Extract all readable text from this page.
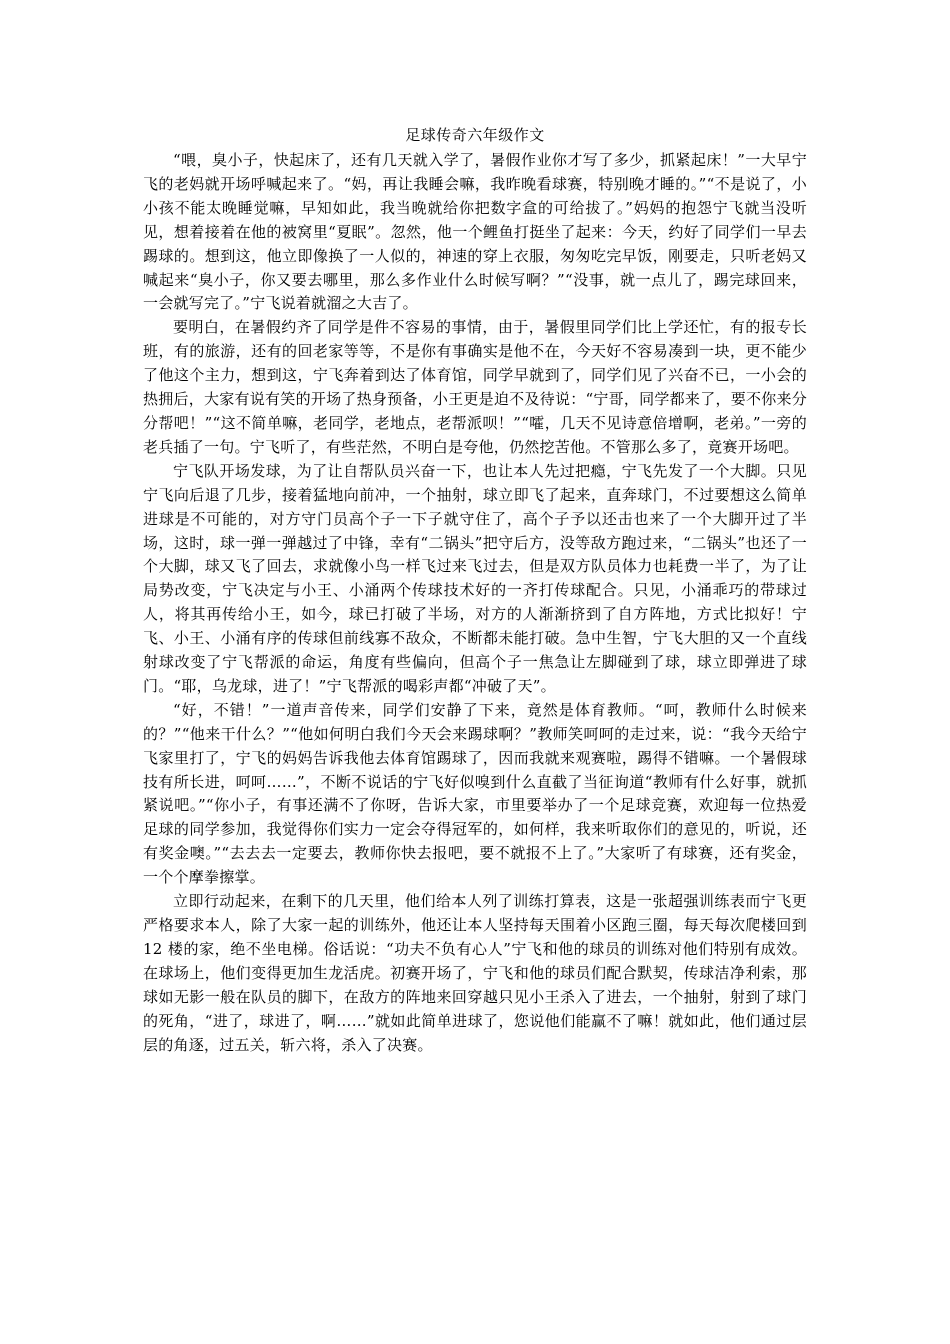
足球传奇六年级作文

“喂，臭小子，快起床了，还有几天就入学了，暑假作业你才写了多少，抓紧起床！”一大早宁飞的老妈就开场呼喊起来了。“妈，再让我睡会嘛，我昨晚看球赛，特别晚才睡的。”“不是说了，小小孩不能太晚睡觉嘛，早知如此，我当晚就给你把数字盒的可给拔了。”妈妈的抱怨宁飞就当没听见，想着接着在他的被窝里“夏眠”。忽然，他一个鲤鱼打挺坐了起来：今天，约好了同学们一早去踢球的。想到这，他立即像换了一人似的，神速的穿上衣服，匆匆吃完早饭，刚要走，只听老妈又喊起来“臭小子，你又要去哪里，那么多作业什么时候写啊？”“没事，就一点儿了，踢完球回来，一会就写完了。”宁飞说着就溜之大吉了。

要明白，在暑假约齐了同学是件不容易的事情，由于，暑假里同学们比上学还忙，有的报专长班，有的旅游，还有的回老家等等，不是你有事确实是他不在，今天好不容易凑到一块，更不能少了他这个主力，想到这，宁飞奔着到达了体育馆，同学早就到了，同学们见了兴奋不已，一小会的热拥后，大家有说有笑的开场了热身预备，小王更是迫不及待说：“宁哥，同学都来了，要不你来分分帮吧！”“这不简单嘛，老同学，老地点，老帮派呗！”“嚯，几天不见诗意倍增啊，老弟。”一旁的老兵插了一句。宁飞听了，有些茫然，不明白是夸他，仍然挖苦他。不管那么多了，竟赛开场吧。

宁飞队开场发球，为了让自帮队员兴奋一下，也让本人先过把瘾，宁飞先发了一个大脚。只见宁飞向后退了几步，接着猛地向前冲，一个抽射，球立即飞了起来，直奔球门，不过要想这么简单进球是不可能的，对方守门员高个子一下子就守住了，高个子予以还击也来了一个大脚开过了半场，这时，球一弹一弹越过了中锋，幸有“二锅头”把守后方，没等敌方跑过来，“二锅头”也还了一个大脚，球又飞了回去，求就像小鸟一样飞过来飞过去，但是双方队员体力也耗费一半了，为了让局势改变，宁飞决定与小王、小涌两个传球技术好的一齐打传球配合。只见，小涌乖巧的带球过人，将其再传给小王，如今，球已打破了半场，对方的人渐渐挤到了自方阵地，方式比拟好！宁飞、小王、小涌有序的传球但前线寡不敌众，不断都未能打破。急中生智，宁飞大胆的又一个直线射球改变了宁飞帮派的命运，角度有些偏向，但高个子一焦急让左脚碰到了球，球立即弹进了球门。“耶，乌龙球，进了！”宁飞帮派的喝彩声都“冲破了天”。

“好，不错！”一道声音传来，同学们安静了下来，竟然是体育教师。“呵，教师什么时候来的？”“他来干什么？”“他如何明白我们今天会来踢球啊？”教师笑呵呵的走过来，说：“我今天给宁飞家里打了，宁飞的妈妈告诉我他去体育馆踢球了，因而我就来观赛啦，踢得不错嘛。一个暑假球技有所长进，呵呵……”，不断不说话的宁飞好似嗅到什么直截了当征询道“教师有什么好事，就抓紧说吧。”“你小子，有事还满不了你呀，告诉大家，市里要举办了一个足球竞赛，欢迎每一位热爱足球的同学参加，我觉得你们实力一定会夺得冠军的，如何样，我来听取你们的意见的，听说，还有奖金噢。”“去去去一定要去，教师你快去报吧，要不就报不上了。”大家听了有球赛，还有奖金，一个个摩拳擦掌。

立即行动起来，在剩下的几天里，他们给本人列了训练打算表，这是一张超强训练表而宁飞更严格要求本人，除了大家一起的训练外，他还让本人坚持每天围着小区跑三圈，每天每次爬楼回到 12 楼的家，绝不坐电梯。俗话说：“功夫不负有心人”宁飞和他的球员的训练对他们特别有成效。在球场上，他们变得更加生龙活虎。初赛开场了，宁飞和他的球员们配合默契，传球洁净利索，那球如无影一般在队员的脚下，在敌方的阵地来回穿越只见小王杀入了进去，一个抽射，射到了球门的死角，“进了，球进了，啊……”就如此简单进球了，您说他们能赢不了嘛！就如此，他们通过层层的角逐，过五关，斩六将，杀入了决赛。
